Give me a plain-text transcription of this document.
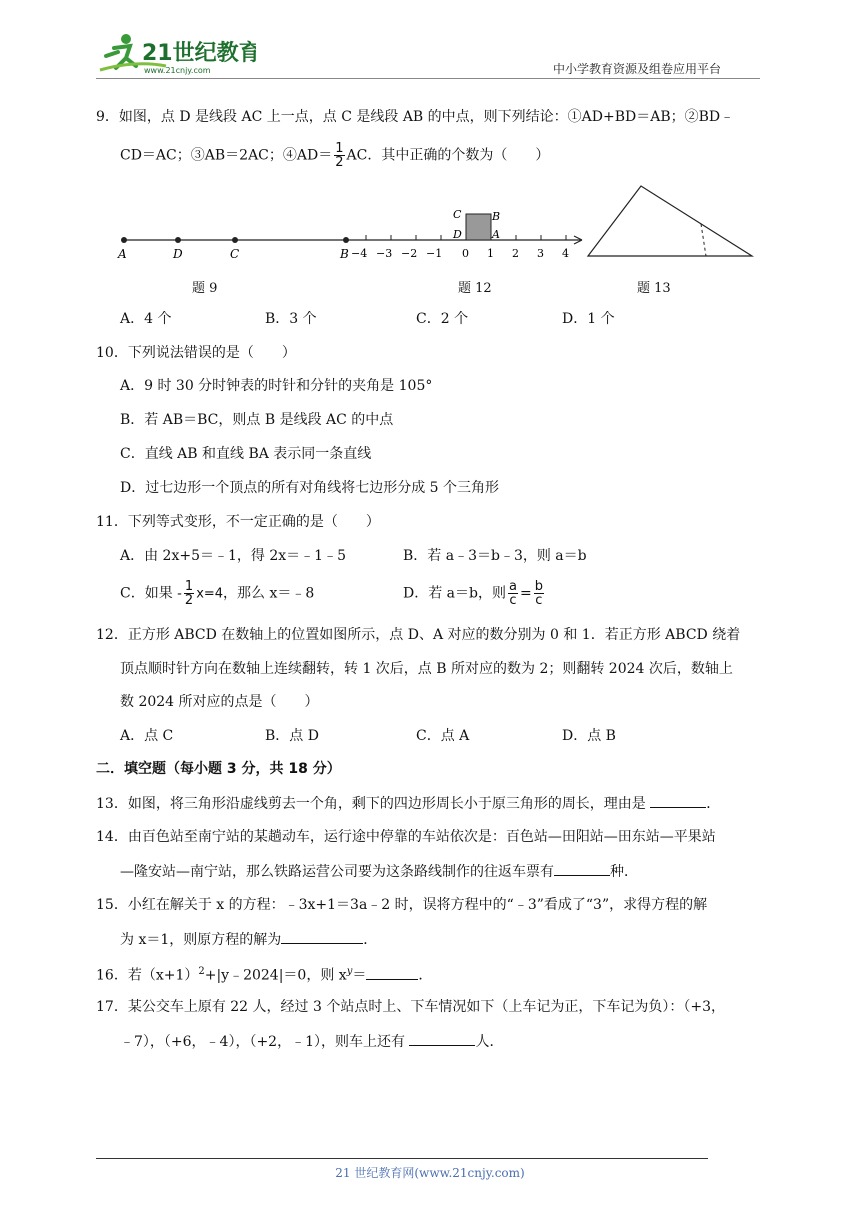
21世纪教育
www.21cnjy.com	中小学教育资源及组卷应用平台
9．如图，点 D 是线段 AC 上一点，点 C 是线段 AB 的中点，则下列结论：①AD+BD＝AB；②BD﹣
CD＝AC；③AB＝2AC；④AD＝ $\frac{1}{2}$ AC．其中正确的个数为（　　）
A	D	C	B −4 −3 −2 −1 0 1 2 3 4
C	B
D	A
题 9	题 12	题 13
A．4 个	B．3 个	C．2 个	D．1 个
10．下列说法错误的是（　　）
A．9 时 30 分时钟表的时针和分针的夹角是 105°
B．若 AB＝BC，则点 B 是线段 AC 的中点
C．直线 AB 和直线 BA 表示同一条直线
D．过七边形一个顶点的所有对角线将七边形分成 5 个三角形
11．下列等式变形，不一定正确的是（　　）
A．由 2x+5＝﹣1，得 2x＝﹣1﹣5	B．若 a﹣3＝b﹣3，则 a＝b
C．如果 - $\frac{1}{2} x=4$，那么 x＝﹣8	D．若 a＝b，则 $\frac{a}{c} = \frac{b}{c}$
12．正方形 ABCD 在数轴上的位置如图所示，点 D、A 对应的数分别为 0 和 1．若正方形 ABCD 绕着
顶点顺时针方向在数轴上连续翻转，转 1 次后，点 B 所对应的数为 2；则翻转 2024 次后，数轴上
数 2024 所对应的点是（　　）
A．点 C	B．点 D	C．点 A	D．点 B
二．填空题（每小题 3 分，共 18 分）
13．如图，将三角形沿虚线剪去一个角，剩下的四边形周长小于原三角形的周长，理由是	．
14．由百色站至南宁站的某趟动车，运行途中停靠的车站依次是：百色站—田阳站—田东站—平果站
—隆安站—南宁站，那么铁路运营公司要为这条路线制作的往返车票有	种．
15．小红在解关于 x 的方程：﹣3x+1＝3a﹣2 时，误将方程中的“﹣3”看成了“3”，求得方程的解
为 x＝1，则原方程的解为	．
16．若$(x+1)^2+|y﹣2024|=0$，则 $x^y=$	．
17．某公交车上原有 22 人，经过 3 个站点时上、下车情况如下（上车记为正，下车记为负）：（+3，
﹣7），（+6，﹣4），（+2，﹣1），则车上还有	人．
21 世纪教育网(www.21cnjy.com)
